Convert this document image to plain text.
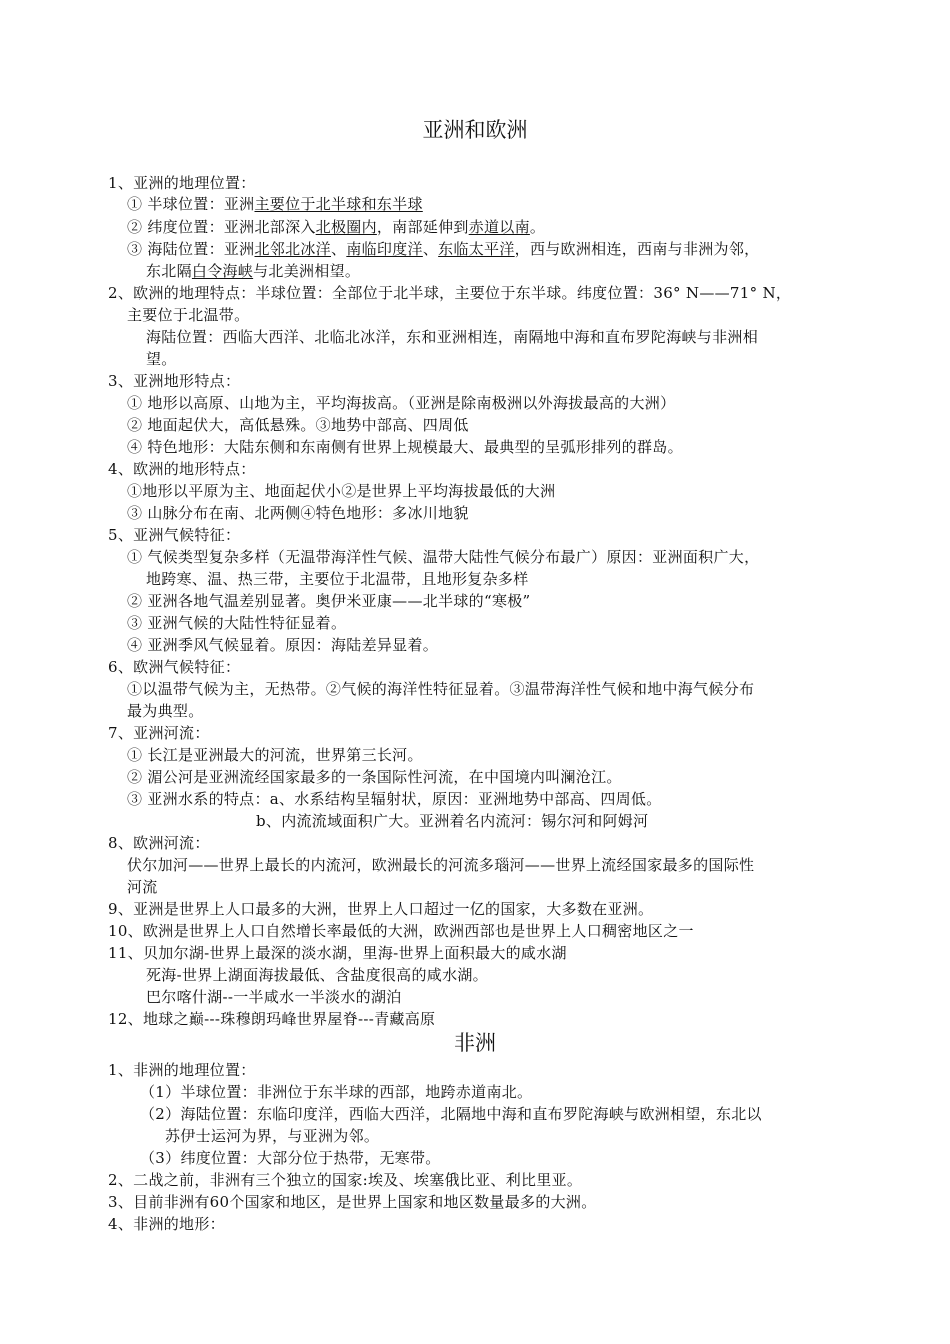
亚洲和欧洲
1、亚洲的地理位置：
① 半球位置：亚洲主要位于北半球和东半球
② 纬度位置：亚洲北部深入北极圈内，南部延伸到赤道以南。
③ 海陆位置：亚洲北邻北冰洋、南临印度洋、东临太平洋，西与欧洲相连，西南与非洲为邻，
东北隔白令海峡与北美洲相望。
2、欧洲的地理特点：半球位置：全部位于北半球，主要位于东半球。纬度位置：36° N——71° N，
主要位于北温带。
海陆位置：西临大西洋、北临北冰洋，东和亚洲相连，南隔地中海和直布罗陀海峡与非洲相
望。
3、亚洲地形特点：
① 地形以高原、山地为主，平均海拔高。（亚洲是除南极洲以外海拔最高的大洲）
② 地面起伏大，高低悬殊。③地势中部高、四周低
④ 特色地形：大陆东侧和东南侧有世界上规模最大、最典型的呈弧形排列的群岛。
4、欧洲的地形特点：
①地形以平原为主、地面起伏小②是世界上平均海拔最低的大洲
③ 山脉分布在南、北两侧④特色地形：多冰川地貌
5、亚洲气候特征：
① 气候类型复杂多样（无温带海洋性气候、温带大陆性气候分布最广）原因：亚洲面积广大，
地跨寒、温、热三带，主要位于北温带，且地形复杂多样
② 亚洲各地气温差别显著。奥伊米亚康——北半球的“寒极”
③ 亚洲气候的大陆性特征显着。
④ 亚洲季风气候显着。原因：海陆差异显着。
6、欧洲气候特征：
①以温带气候为主，无热带。②气候的海洋性特征显着。③温带海洋性气候和地中海气候分布
最为典型。
7、亚洲河流：
① 长江是亚洲最大的河流，世界第三长河。
② 湄公河是亚洲流经国家最多的一条国际性河流，在中国境内叫澜沧江。
③ 亚洲水系的特点：a、水系结构呈辐射状，原因：亚洲地势中部高、四周低。
b、内流流域面积广大。亚洲着名内流河：锡尔河和阿姆河
8、欧洲河流：
伏尔加河——世界上最长的内流河，欧洲最长的河流多瑙河——世界上流经国家最多的国际性
河流
9、亚洲是世界上人口最多的大洲，世界上人口超过一亿的国家，大多数在亚洲。
10、欧洲是世界上人口自然增长率最低的大洲，欧洲西部也是世界上人口稠密地区之一
11、贝加尔湖-世界上最深的淡水湖，里海-世界上面积最大的咸水湖
死海-世界上湖面海拔最低、含盐度很高的咸水湖。
巴尔喀什湖--一半咸水一半淡水的湖泊
12、地球之巅---珠穆朗玛峰世界屋脊---青藏高原
非洲
1、非洲的地理位置：
（1）半球位置：非洲位于东半球的西部，地跨赤道南北。
（2）海陆位置：东临印度洋，西临大西洋，北隔地中海和直布罗陀海峡与欧洲相望，东北以
苏伊士运河为界，与亚洲为邻。
（3）纬度位置：大部分位于热带，无寒带。
2、二战之前，非洲有三个独立的国家:埃及、埃塞俄比亚、利比里亚。
3、目前非洲有60个国家和地区，是世界上国家和地区数量最多的大洲。
4、非洲的地形：
